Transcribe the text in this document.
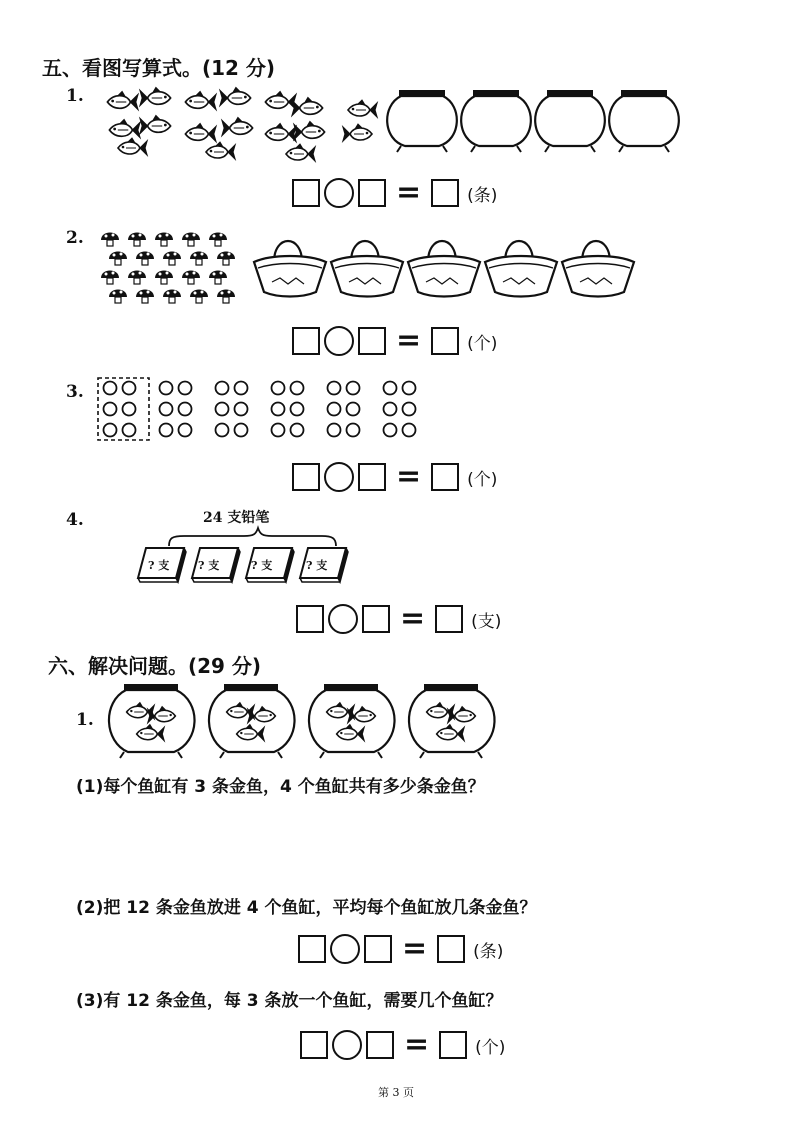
五、看图写算式。(12 分)
1.
=	(条)
2.
=	(个)
3.
=	(个)
4.	24 支铅笔
? 支	? 支	? 支	? 支
=	(支)
六、解决问题。(29 分)
1.
(1)每个鱼缸有 3 条金鱼，4 个鱼缸共有多少条金鱼？
(2)把 12 条金鱼放进 4 个鱼缸，平均每个鱼缸放几条金鱼？
=	(条)
(3)有 12 条金鱼，每 3 条放一个鱼缸，需要几个鱼缸？
=	(个)
第 3 页
